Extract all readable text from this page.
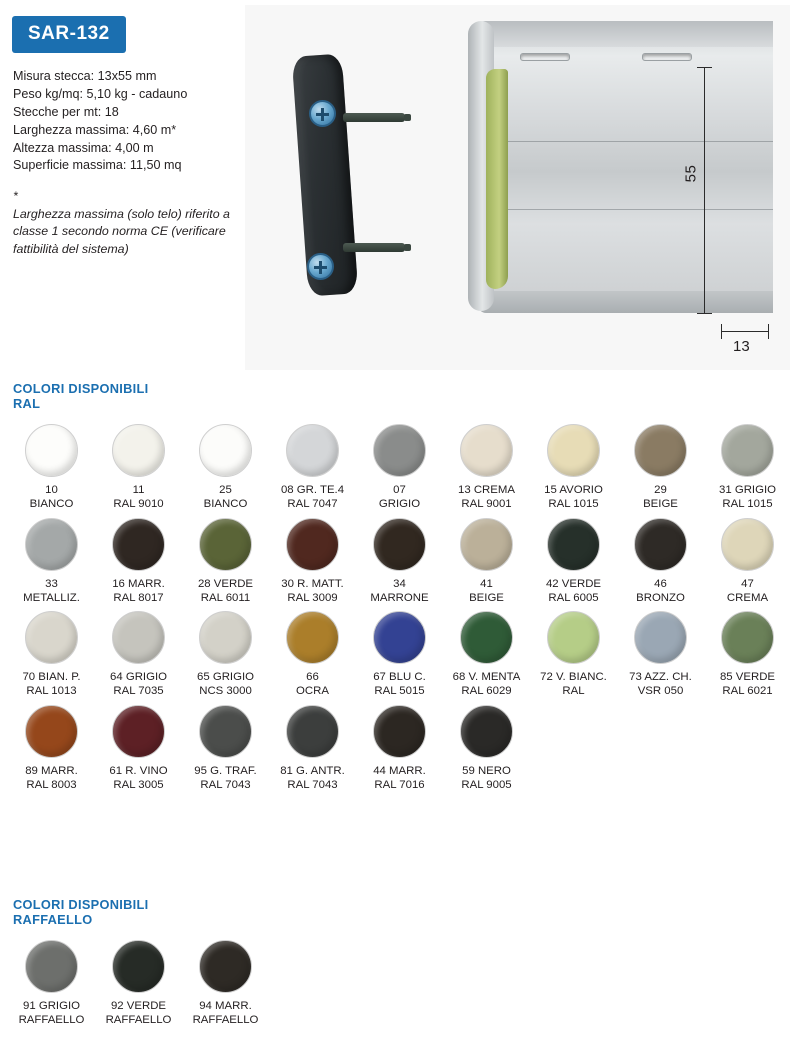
SAR-132
Misura stecca: 13x55 mm
Peso kg/mq: 5,10 kg - cadauno
Stecche per mt: 18
Larghezza massima: 4,60 m*
Altezza massima: 4,00 m
Superficie massima: 11,50 mq
*
Larghezza massima (solo telo) riferito a classe 1 secondo norma CE (verificare fattibilità del sistema)
55
13
COLORI DISPONIBILI
RAL
10
BIANCO
11
RAL 9010
25
BIANCO
08 GR. TE.4
RAL 7047
07
GRIGIO
13 CREMA
RAL 9001
15 AVORIO
RAL 1015
29
BEIGE
31 GRIGIO
RAL 1015
33
METALLIZ.
16 MARR.
RAL 8017
28 VERDE
RAL 6011
30 R. MATT.
RAL 3009
34
MARRONE
41
BEIGE
42 VERDE
RAL 6005
46
BRONZO
47
CREMA
70 BIAN. P.
RAL 1013
64 GRIGIO
RAL 7035
65 GRIGIO
NCS 3000
66
OCRA
67 BLU C.
RAL 5015
68 V. MENTA
RAL 6029
72 V. BIANC.
RAL
73 AZZ. CH.
VSR 050
85 VERDE
RAL 6021
89 MARR.
RAL 8003
61 R. VINO
RAL 3005
95 G. TRAF.
RAL 7043
81 G. ANTR.
RAL 7043
44 MARR.
RAL 7016
59 NERO
RAL 9005
COLORI DISPONIBILI
RAFFAELLO
91 GRIGIO
RAFFAELLO
92 VERDE
RAFFAELLO
94 MARR.
RAFFAELLO
